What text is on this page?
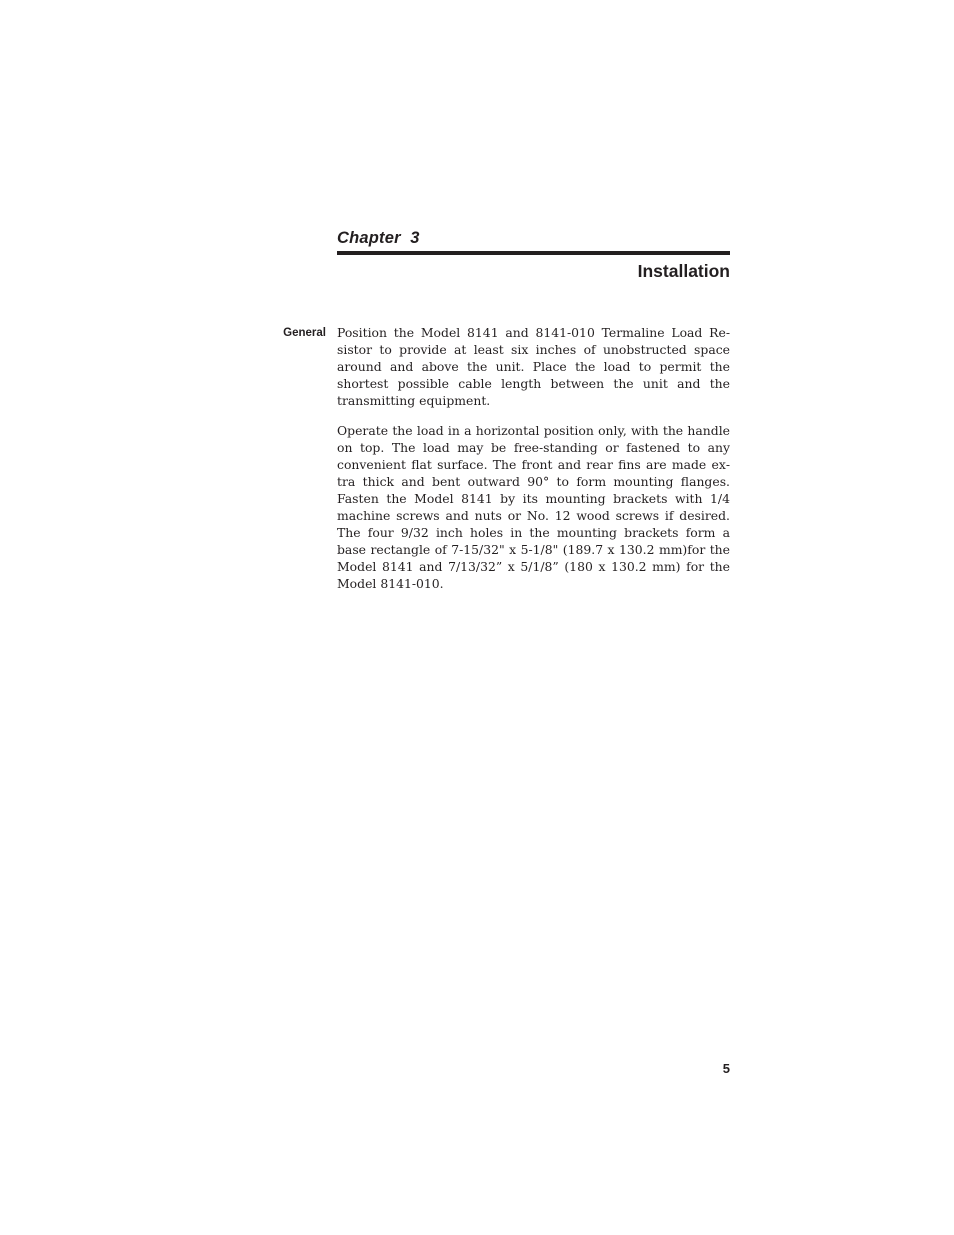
Chapter  3
Installation
General Position the Model 8141 and 8141-010 Termaline Load Resistor to provide at least six inches of unobstructed space around and above the unit. Place the load to permit the shortest possible cable length between the unit and the transmitting equipment.

Operate the load in a horizontal position only, with the handle on top. The load may be free-standing or fastened to any convenient flat surface. The front and rear fins are made extra thick and bent outward 90° to form mounting flanges. Fasten the Model 8141 by its mounting brackets with 1/4 machine screws and nuts or No. 12 wood screws if desired. The four 9/32 inch holes in the mounting brackets form a base rectangle of 7-15/32" x 5-1/8" (189.7 x 130.2 mm)for the Model 8141 and 7/13/32” x 5/1/8” (180 x 130.2 mm) for the Model 8141-010.

5
